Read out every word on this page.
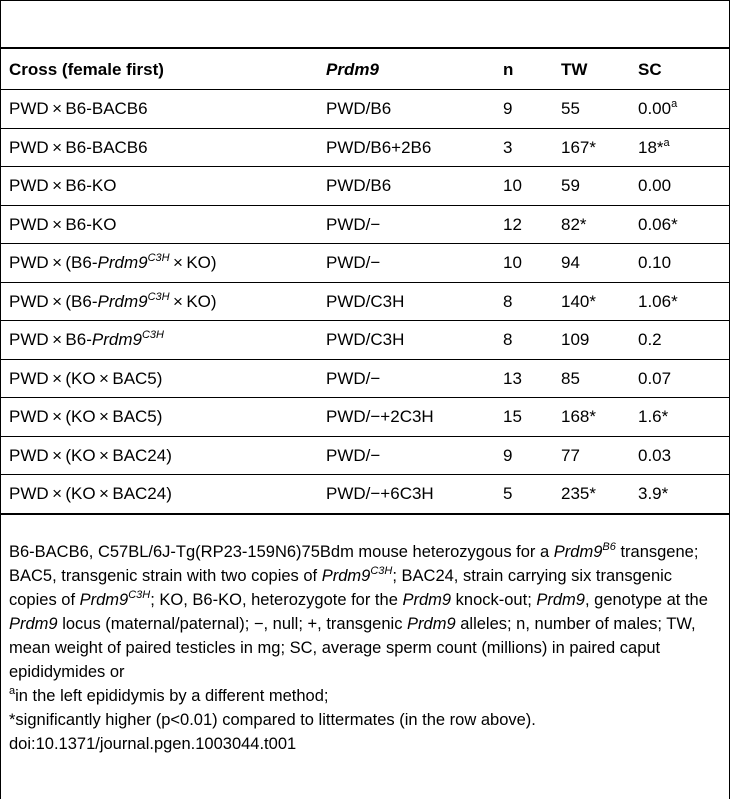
Cross (female first)	Prdm9	n	TW	SC
PWD × B6-BACB6	PWD/B6	9	55	0.00$^a$
PWD × B6-BACB6	PWD/B6+2B6	3	167*	18*$^a$
PWD × B6-KO	PWD/B6	10	59	0.00
PWD × B6-KO	PWD/−	12	82*	0.06*
PWD × $(B6-Prdm9^{C3H} \times KO)$	PWD/−	10	94	0.10
PWD × $(B6-Prdm9^{C3H} \times KO)$	PWD/C3H	8	140*	1.06*
PWD × $B6-Prdm9^{C3H}$	PWD/C3H	8	109	0.2
PWD × (KO × BAC5)	PWD/−	13	85	0.07
PWD × (KO × BAC5)	PWD/−+2C3H	15	168*	1.6*
PWD × (KO × BAC24)	PWD/−	9	77	0.03
PWD × (KO × BAC24)	PWD/−+6C3H	5	235*	3.9*

B6-BACB6, C57BL/6J-Tg(RP23-159N6)75Bdm mouse heterozygous for a $Prdm9^{B6}$ transgene; BAC5, transgenic strain with two copies of $Prdm9^{C3H}$; BAC24, strain carrying six transgenic copies of $Prdm9^{C3H}$; KO, B6-KO, heterozygote for the Prdm9 knock-out; Prdm9, genotype at the Prdm9 locus (maternal/paternal); −, null; +, transgenic Prdm9 alleles; n, number of males; TW, mean weight of paired testicles in mg; SC, average sperm count (millions) in paired caput epididymides or

$^a$in the left epididymis by a different method;

*significantly higher (p<0.01) compared to littermates (in the row above).

doi:10.1371/journal.pgen.1003044.t001
